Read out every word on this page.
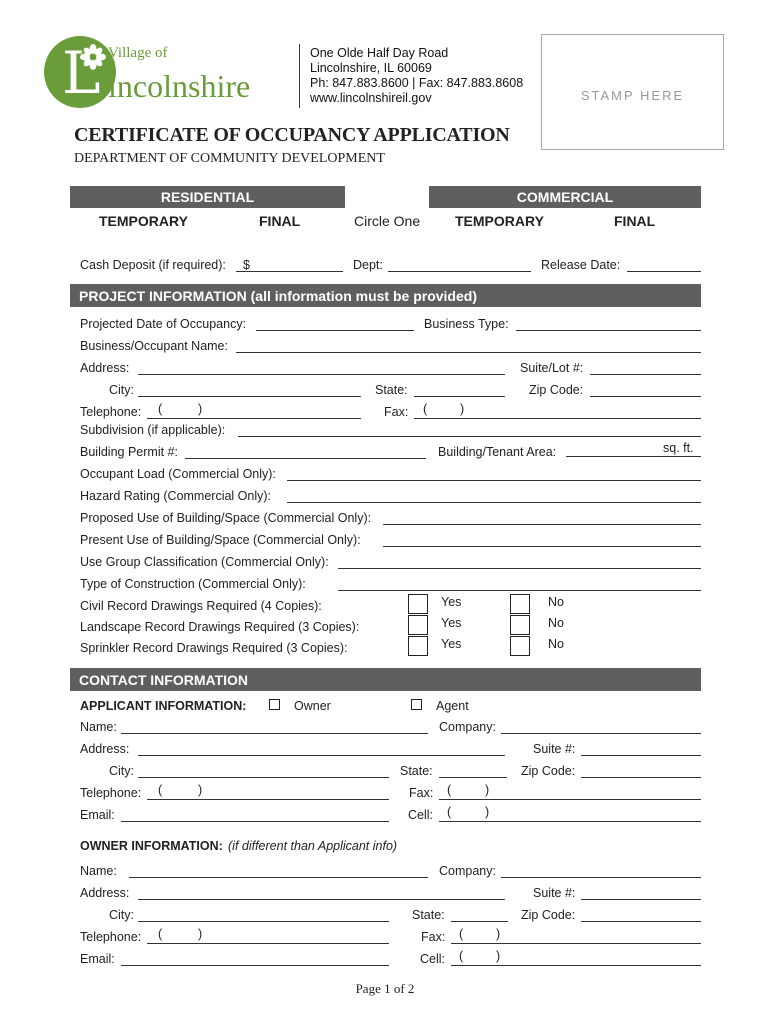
L Village of
incolnshire
One Olde Half Day Road
Lincolnshire, IL 60069
Ph: 847.883.8600 | Fax: 847.883.8608
www.lincolnshireil.gov	STAMP HERE
CERTIFICATE OF OCCUPANCY APPLICATION
DEPARTMENT OF COMMUNITY DEVELOPMENT
RESIDENTIAL	COMMERCIAL
TEMPORARY	FINAL	Circle One TEMPORARY	FINAL
Cash Deposit (if required): $	Dept:	Release Date:
PROJECT INFORMATION (all information must be provided)
Projected Date of Occupancy:	Business Type:
Business/Occupant Name:
Address:	Suite/Lot #:
City:	State:	Zip Code:
Telephone: (	)	Fax: (	)
Subdivision (if applicable):
Building Permit #:	Building/Tenant Area:	sq. ft.
Occupant Load (Commercial Only):
Hazard Rating (Commercial Only):
Proposed Use of Building/Space (Commercial Only):
Present Use of Building/Space (Commercial Only):
Use Group Classification (Commercial Only):
Type of Construction (Commercial Only):
Civil Record Drawings Required (4 Copies):	Yes	No
Landscape Record Drawings Required (3 Copies):	Yes	No
Sprinkler Record Drawings Required (3 Copies):	Yes	No
CONTACT INFORMATION
APPLICANT INFORMATION:	Owner	Agent
Name:	Company:
Address:	Suite #:
City:	State:	Zip Code:
Telephone: (	)	Fax: (	)
Email:	Cell: (	)
OWNER INFORMATION: (if different than Applicant info)
Name:	Company:
Address:	Suite #:
City:	State:	Zip Code:
Telephone: (	)	Fax: (	)
Email:	Cell: (	)
Page 1 of 2
